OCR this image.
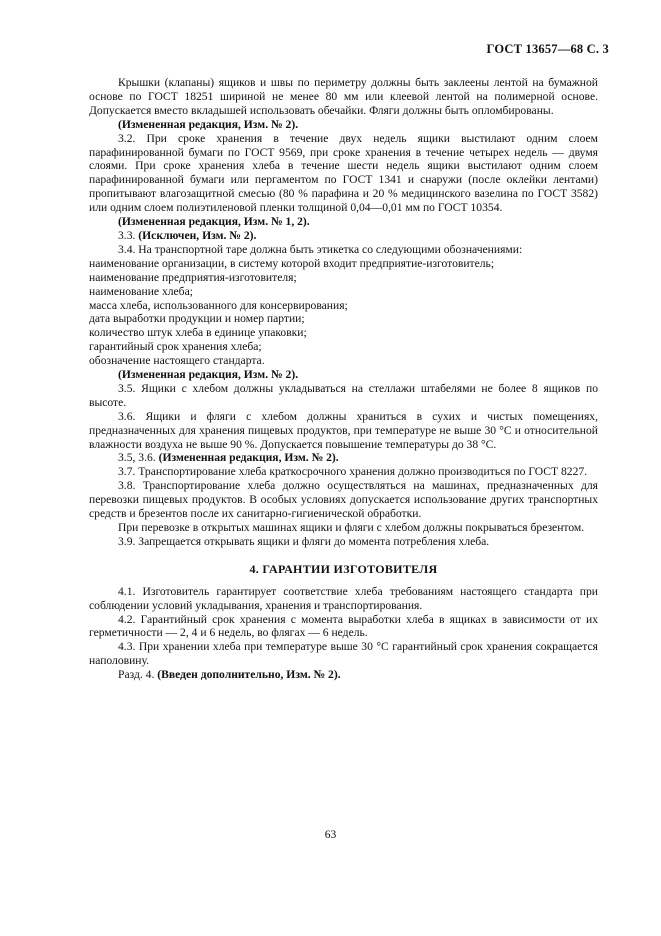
ГОСТ 13657—68 С. 3

Крышки (клапаны) ящиков и швы по периметру должны быть заклеены лентой на бумажной основе по ГОСТ 18251 шириной не менее 80 мм или клеевой лентой на полимерной основе. Допускается вместо вкладышей использовать обечайки. Фляги должны быть опломбированы.

(Измененная редакция, Изм. № 2).

3.2. При сроке хранения в течение двух недель ящики выстилают одним слоем парафинированной бумаги по ГОСТ 9569, при сроке хранения в течение четырех недель — двумя слоями. При сроке хранения хлеба в течение шести недель ящики выстилают одним слоем парафинированной бумаги или пергаментом по ГОСТ 1341 и снаружи (после оклейки лентами) пропитывают влагозащитной смесью (80 % парафина и 20 % медицинского вазелина по ГОСТ 3582) или одним слоем полиэтиленовой пленки толщиной 0,04—0,01 мм по ГОСТ 10354.

(Измененная редакция, Изм. № 1, 2).

3.3. (Исключен, Изм. № 2).

3.4. На транспортной таре должна быть этикетка со следующими обозначениями:

наименование организации, в систему которой входит предприятие-изготовитель;

наименование предприятия-изготовителя;

наименование хлеба;

масса хлеба, использованного для консервирования;

дата выработки продукции и номер партии;

количество штук хлеба в единице упаковки;

гарантийный срок хранения хлеба;

обозначение настоящего стандарта.

(Измененная редакция, Изм. № 2).

3.5. Ящики с хлебом должны укладываться на стеллажи штабелями не более 8 ящиков по высоте.

3.6. Ящики и фляги с хлебом должны храниться в сухих и чистых помещениях, предназначенных для хранения пищевых продуктов, при температуре не выше 30 °С и относительной влажности воздуха не выше 90 %. Допускается повышение температуры до 38 °С.

3.5, 3.6. (Измененная редакция, Изм. № 2).

3.7. Транспортирование хлеба краткосрочного хранения должно производиться по ГОСТ 8227.

3.8. Транспортирование хлеба должно осуществляться на машинах, предназначенных для перевозки пищевых продуктов. В особых условиях допускается использование других транспортных средств и брезентов после их санитарно-гигиенической обработки.

При перевозке в открытых машинах ящики и фляги с хлебом должны покрываться брезентом.

3.9. Запрещается открывать ящики и фляги до момента потребления хлеба.

4. ГАРАНТИИ ИЗГОТОВИТЕЛЯ

4.1. Изготовитель гарантирует соответствие хлеба требованиям настоящего стандарта при соблюдении условий укладывания, хранения и транспортирования.

4.2. Гарантийный срок хранения с момента выработки хлеба в ящиках в зависимости от их герметичности — 2, 4 и 6 недель, во флягах — 6 недель.

4.3. При хранении хлеба при температуре выше 30 °С гарантийный срок хранения сокращается наполовину.

Разд. 4. (Введен дополнительно, Изм. № 2).

63
